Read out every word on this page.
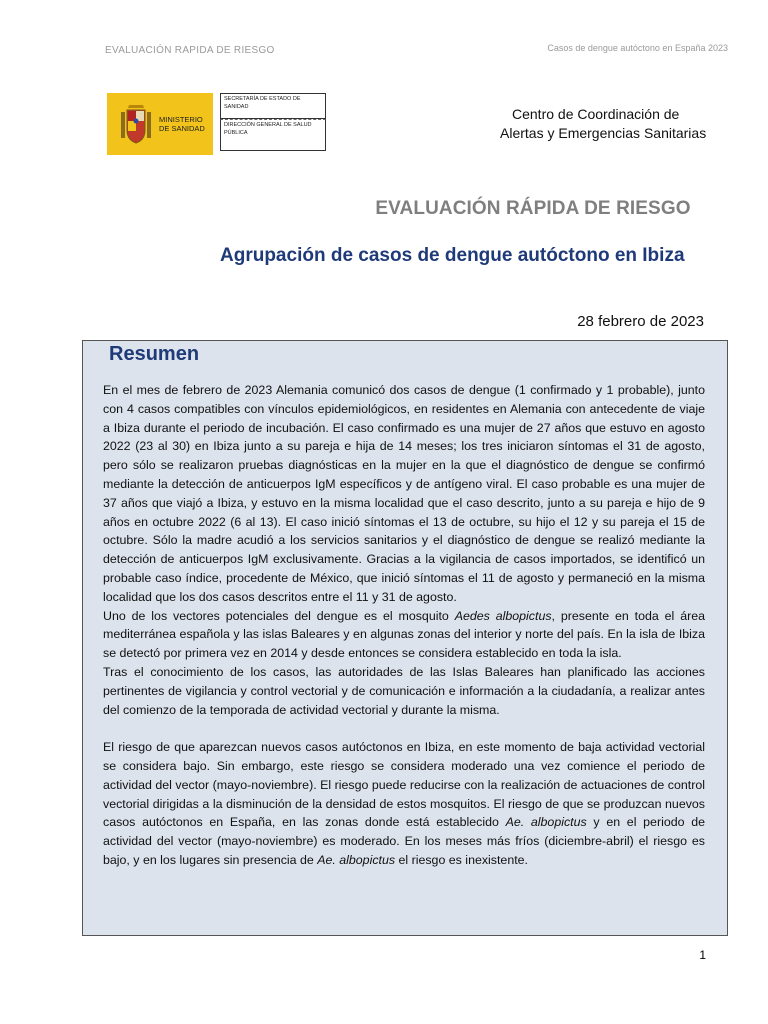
EVALUACIÓN RAPIDA DE RIESGO	Casos de dengue autóctono en España 2023
MINISTERIO
DE SANIDAD
SECRETARÍA DE ESTADO DE
SANIDAD
DIRECCIÓN GENERAL DE SALUD
PÚBLICA
Centro de Coordinación de
Alertas y Emergencias Sanitarias
EVALUACIÓN RÁPIDA DE RIESGO
Agrupación de casos de dengue autóctono en Ibiza
28 febrero de 2023
Resumen

En el mes de febrero de 2023 Alemania comunicó dos casos de dengue (1 confirmado y 1 probable), junto con 4 casos compatibles con vínculos epidemiológicos, en residentes en Alemania con antecedente de viaje a Ibiza durante el periodo de incubación. El caso confirmado es una mujer de 27 años que estuvo en agosto 2022 (23 al 30) en Ibiza junto a su pareja e hija de 14 meses; los tres iniciaron síntomas el 31 de agosto, pero sólo se realizaron pruebas diagnósticas en la mujer en la que el diagnóstico de dengue se confirmó mediante la detección de anticuerpos IgM específicos y de antígeno viral. El caso probable es una mujer de 37 años que viajó a Ibiza, y estuvo en la misma localidad que el caso descrito, junto a su pareja e hijo de 9 años en octubre 2022 (6 al 13). El caso inició síntomas el 13 de octubre, su hijo el 12 y su pareja el 15 de octubre. Sólo la madre acudió a los servicios sanitarios y el diagnóstico de dengue se realizó mediante la detección de anticuerpos IgM exclusivamente. Gracias a la vigilancia de casos importados, se identificó un probable caso índice, procedente de México, que inició síntomas el 11 de agosto y permaneció en la misma localidad que los dos casos descritos entre el 11 y 31 de agosto.

Uno de los vectores potenciales del dengue es el mosquito Aedes albopictus, presente en toda el área mediterránea española y las islas Baleares y en algunas zonas del interior y norte del país. En la isla de Ibiza se detectó por primera vez en 2014 y desde entonces se considera establecido en toda la isla.

Tras el conocimiento de los casos, las autoridades de las Islas Baleares han planificado las acciones pertinentes de vigilancia y control vectorial y de comunicación e información a la ciudadanía, a realizar antes del comienzo de la temporada de actividad vectorial y durante la misma.

El riesgo de que aparezcan nuevos casos autóctonos en Ibiza, en este momento de baja actividad vectorial se considera bajo. Sin embargo, este riesgo se considera moderado una vez comience el periodo de actividad del vector (mayo-noviembre). El riesgo puede reducirse con la realización de actuaciones de control vectorial dirigidas a la disminución de la densidad de estos mosquitos. El riesgo de que se produzcan nuevos casos autóctonos en España, en las zonas donde está establecido Ae. albopictus y en el periodo de actividad del vector (mayo-noviembre) es moderado. En los meses más fríos (diciembre-abril) el riesgo es bajo, y en los lugares sin presencia de Ae. albopictus el riesgo es inexistente.

1
